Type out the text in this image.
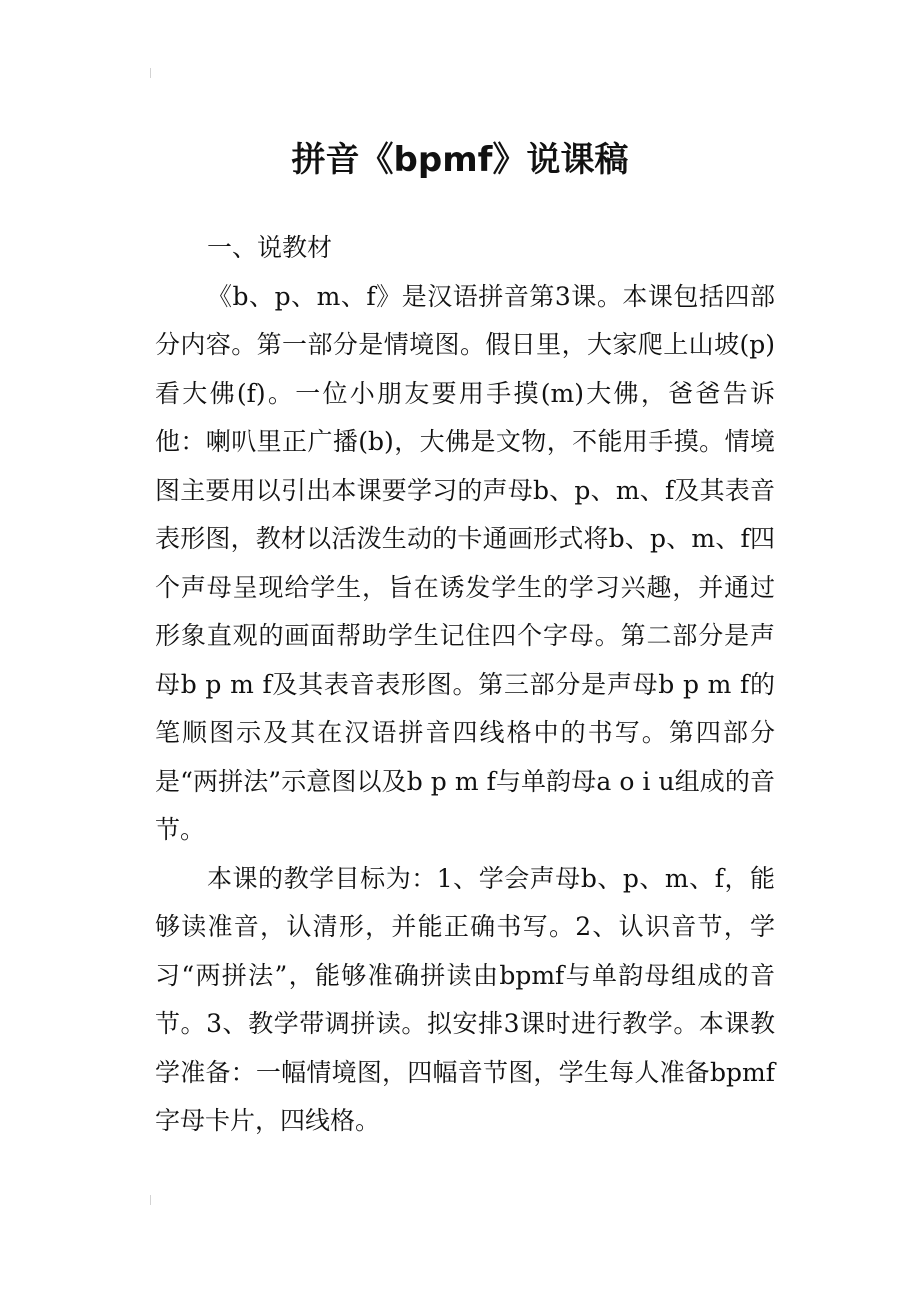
拼音《bpmf》说课稿

一、说教材

《b、p、m、f》是汉语拼音第3课。本课包括四部分内容。第一部分是情境图。假日里，大家爬上山坡(p)看大佛(f)。一位小朋友要用手摸(m)大佛，爸爸告诉他：喇叭里正广播(b)，大佛是文物，不能用手摸。情境图主要用以引出本课要学习的声母b、p、m、f及其表音表形图，教材以活泼生动的卡通画形式将b、p、m、f四个声母呈现给学生，旨在诱发学生的学习兴趣，并通过形象直观的画面帮助学生记住四个字母。第二部分是声母b p m f及其表音表形图。第三部分是声母b p m f的笔顺图示及其在汉语拼音四线格中的书写。第四部分是“两拼法”示意图以及b p m f与单韵母a o i u组成的音节。

本课的教学目标为：1、学会声母b、p、m、f，能够读准音，认清形，并能正确书写。2、认识音节，学习“两拼法”，能够准确拼读由bpmf与单韵母组成的音节。3、教学带调拼读。拟安排3课时进行教学。本课教学准备：一幅情境图，四幅音节图，学生每人准备bpmf字母卡片，四线格。
